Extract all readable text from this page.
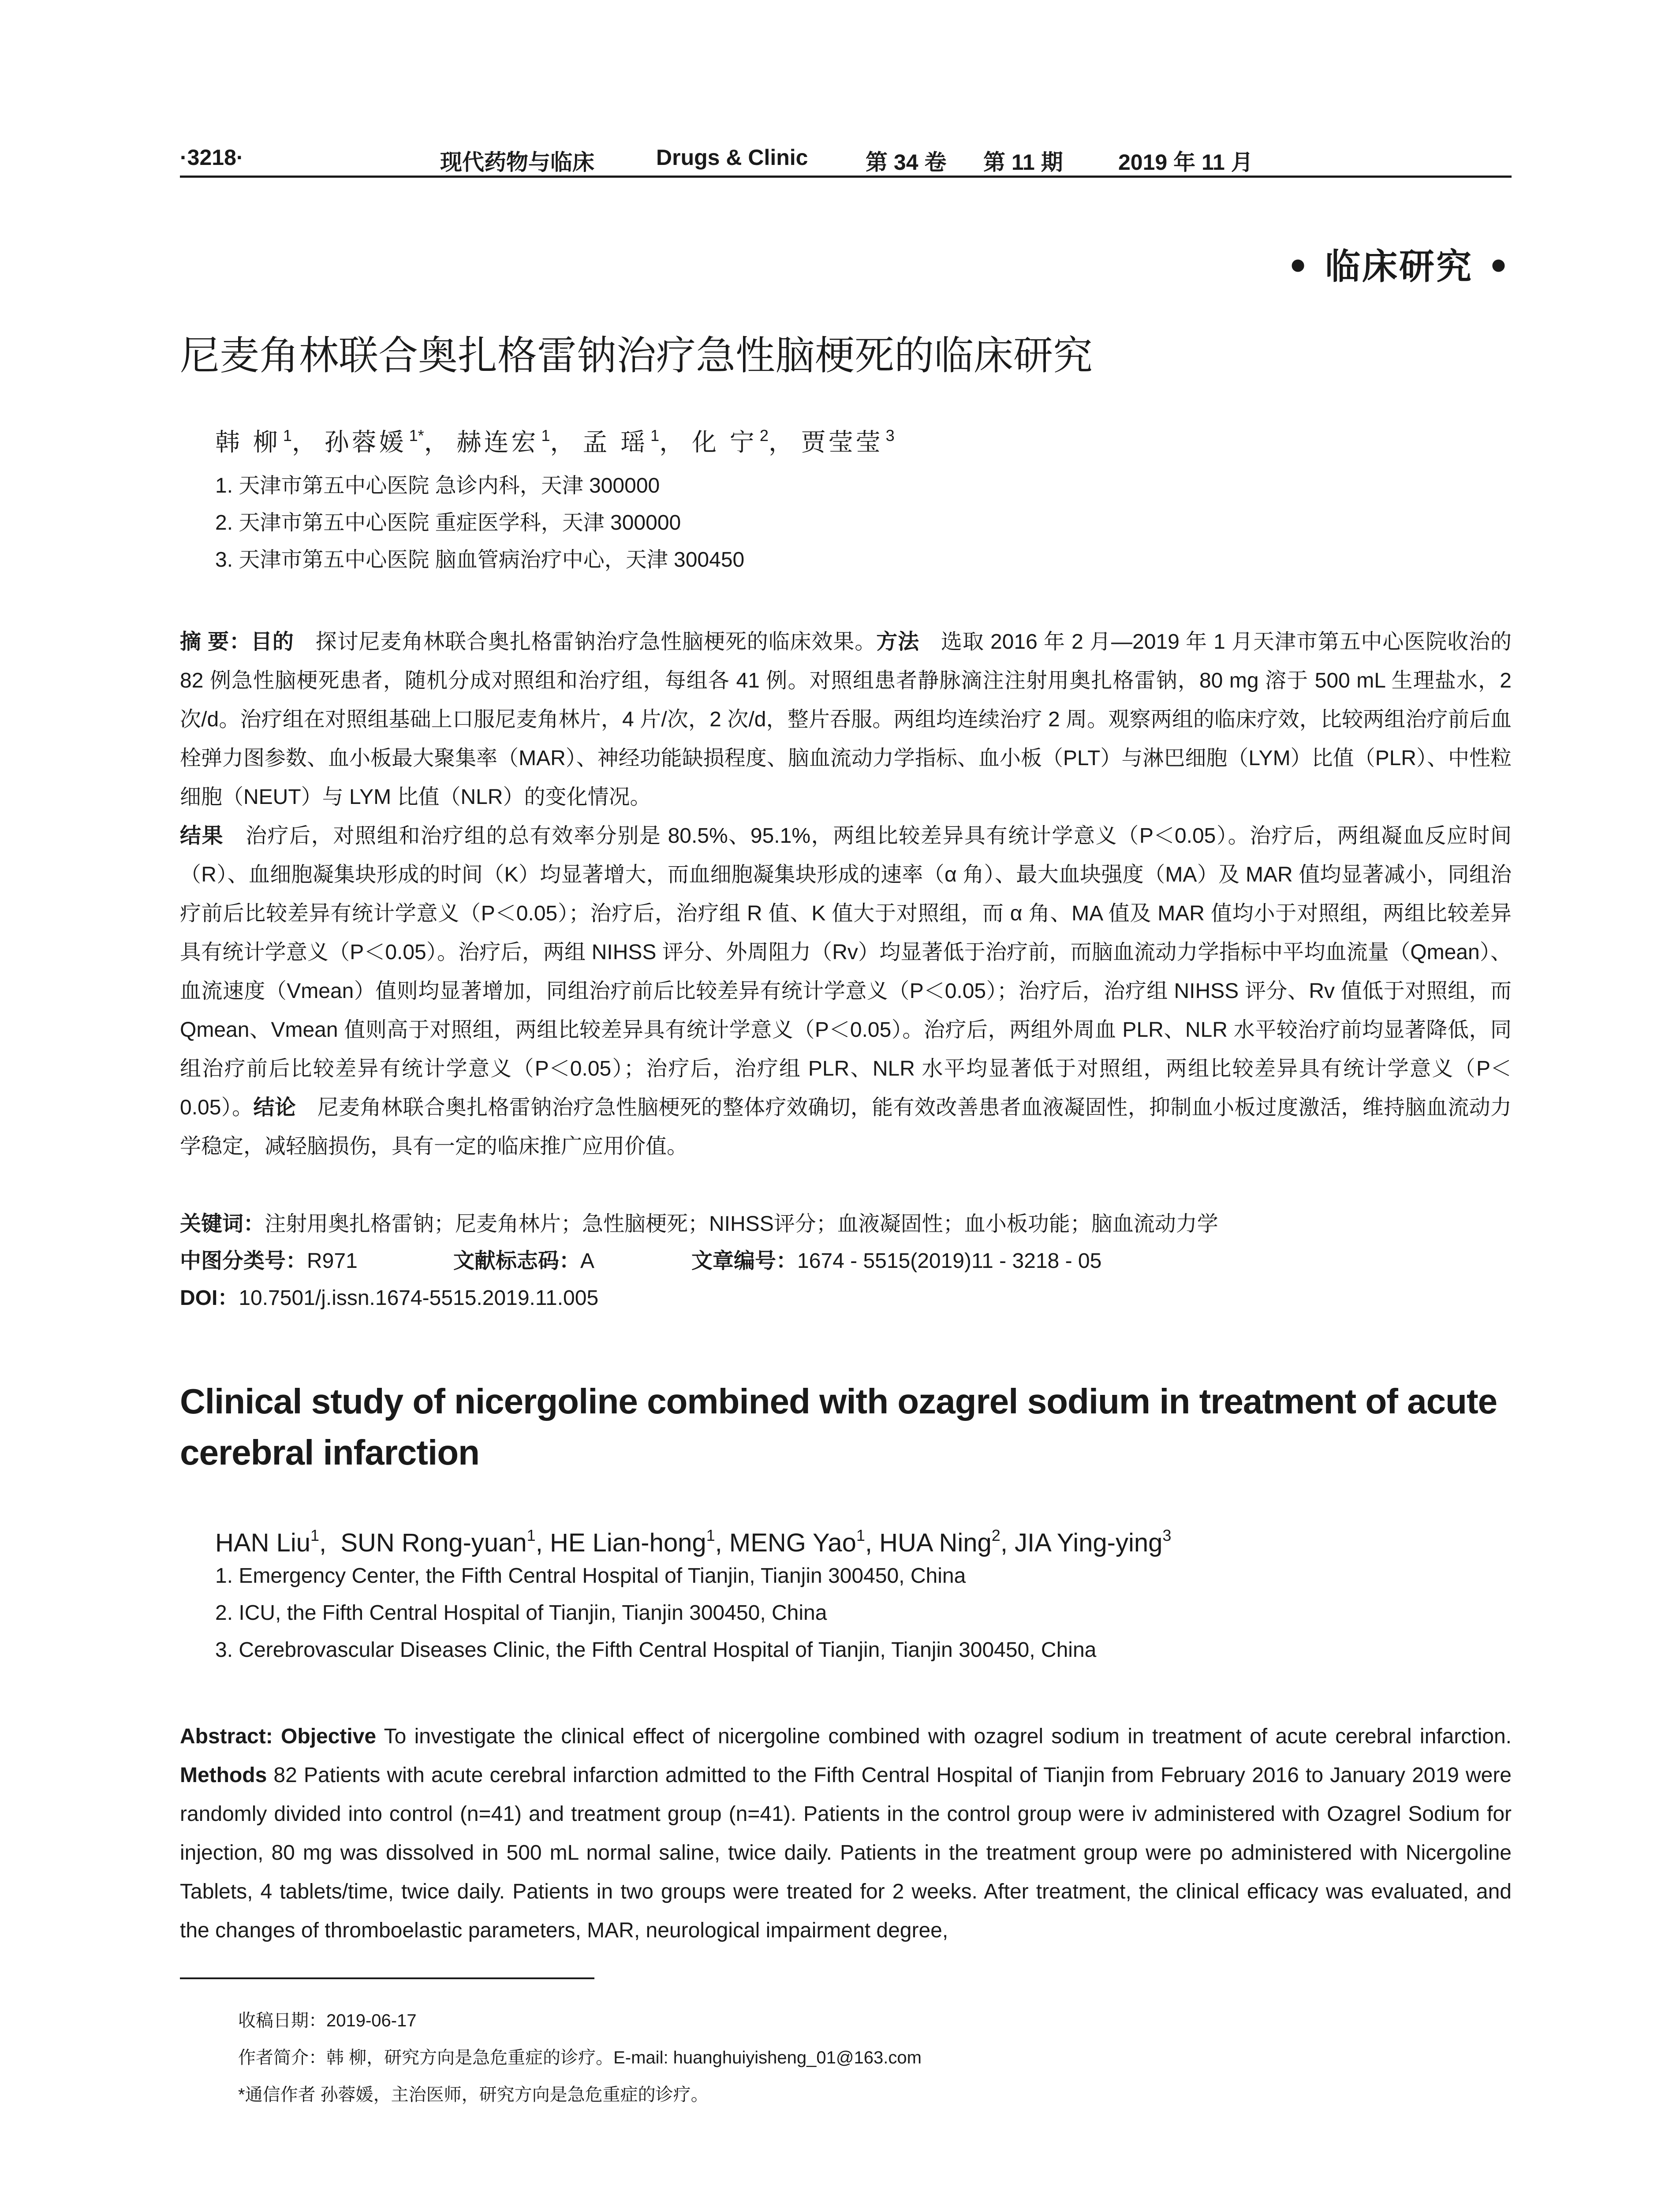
·3218·	现代药物与临床	Drugs & Clinic	第 34 卷 第 11 期	2019 年 11 月
• 临床研究 •
尼麦角林联合奥扎格雷钠治疗急性脑梗死的临床研究
韩 柳 $^1$， 孙蓉媛 $^{1*}$， 赫连宏 $^1$， 孟 瑶 $^1$， 化 宁 $^2$， 贾莹莹 $^3$
1. 天津市第五中心医院 急诊内科，天津 300000
2. 天津市第五中心医院 重症医学科，天津 300000
3. 天津市第五中心医院 脑血管病治疗中心，天津 300450
摘 要：目的　探讨尼麦角林联合奥扎格雷钠治疗急性脑梗死的临床效果。方法　选取 2016 年 2 月—2019 年 1 月天津市第五中心医院收治的 82 例急性脑梗死患者，随机分成对照组和治疗组，每组各 41 例。对照组患者静脉滴注注射用奥扎格雷钠，80 mg 溶于 500 mL 生理盐水，2 次/d。治疗组在对照组基础上口服尼麦角林片，4 片/次，2 次/d，整片吞服。两组均连续治疗 2 周。观察两组的临床疗效，比较两组治疗前后血栓弹力图参数、血小板最大聚集率（MAR）、神经功能缺损程度、脑血流动力学指标、血小板（PLT）与淋巴细胞（LYM）比值（PLR）、中性粒细胞（NEUT）与 LYM 比值（NLR）的变化情况。
结果　治疗后，对照组和治疗组的总有效率分别是 80.5%、95.1%，两组比较差异具有统计学意义（P＜0.05）。治疗后，两组凝血反应时间（R）、血细胞凝集块形成的时间（K）均显著增大，而血细胞凝集块形成的速率（α 角）、最大血块强度（MA）及 MAR 值均显著减小，同组治疗前后比较差异有统计学意义（P＜0.05）；治疗后，治疗组 R 值、K 值大于对照组，而 α 角、MA 值及 MAR 值均小于对照组，两组比较差异具有统计学意义（P＜0.05）。治疗后，两组 NIHSS 评分、外周阻力（Rv）均显著低于治疗前，而脑血流动力学指标中平均血流量（Qmean）、血流速度（Vmean）值则均显著增加，同组治疗前后比较差异有统计学意义（P＜0.05）；治疗后，治疗组 NIHSS 评分、Rv 值低于对照组，而 Qmean、Vmean 值则高于对照组，两组比较差异具有统计学意义（P＜0.05）。治疗后，两组外周血 PLR、NLR 水平较治疗前均显著降低，同组治疗前后比较差异有统计学意义（P＜0.05）；治疗后，治疗组 PLR、NLR 水平均显著低于对照组，两组比较差异具有统计学意义（P＜0.05）。结论　尼麦角林联合奥扎格雷钠治疗急性脑梗死的整体疗效确切，能有效改善患者血液凝固性，抑制血小板过度激活，维持脑血流动力学稳定，减轻脑损伤，具有一定的临床推广应用价值。
关键词：注射用奥扎格雷钠；尼麦角林片；急性脑梗死；NIHSS评分；血液凝固性；血小板功能；脑血流动力学
中图分类号：R971	文献标志码：A	文章编号：1674 - 5515(2019)11 - 3218 - 05
DOI：10.7501/j.issn.1674-5515.2019.11.005
Clinical study of nicergoline combined with ozagrel sodium in treatment of acute cerebral infarction
HAN Liu$^1$,  SUN Rong-yuan$^1$, HE Lian-hong$^1$, MENG Yao$^1$, HUA Ning$^2$, JIA Ying-ying$^3$
1. Emergency Center, the Fifth Central Hospital of Tianjin, Tianjin 300450, China
2. ICU, the Fifth Central Hospital of Tianjin, Tianjin 300450, China
3. Cerebrovascular Diseases Clinic, the Fifth Central Hospital of Tianjin, Tianjin 300450, China
Abstract: Objective To investigate the clinical effect of nicergoline combined with ozagrel sodium in treatment of acute cerebral infarction. Methods 82 Patients with acute cerebral infarction admitted to the Fifth Central Hospital of Tianjin from February 2016 to January 2019 were randomly divided into control (n=41) and treatment group (n=41). Patients in the control group were iv administered with Ozagrel Sodium for injection, 80 mg was dissolved in 500 mL normal saline, twice daily. Patients in the treatment group were po administered with Nicergoline Tablets, 4 tablets/time, twice daily. Patients in two groups were treated for 2 weeks. After treatment, the clinical efficacy was evaluated, and the changes of thromboelastic parameters, MAR, neurological impairment degree,
收稿日期：2019-06-17
作者简介：韩 柳，研究方向是急危重症的诊疗。E-mail: huanghuiyisheng_01@163.com
*通信作者 孙蓉媛，主治医师，研究方向是急危重症的诊疗。
